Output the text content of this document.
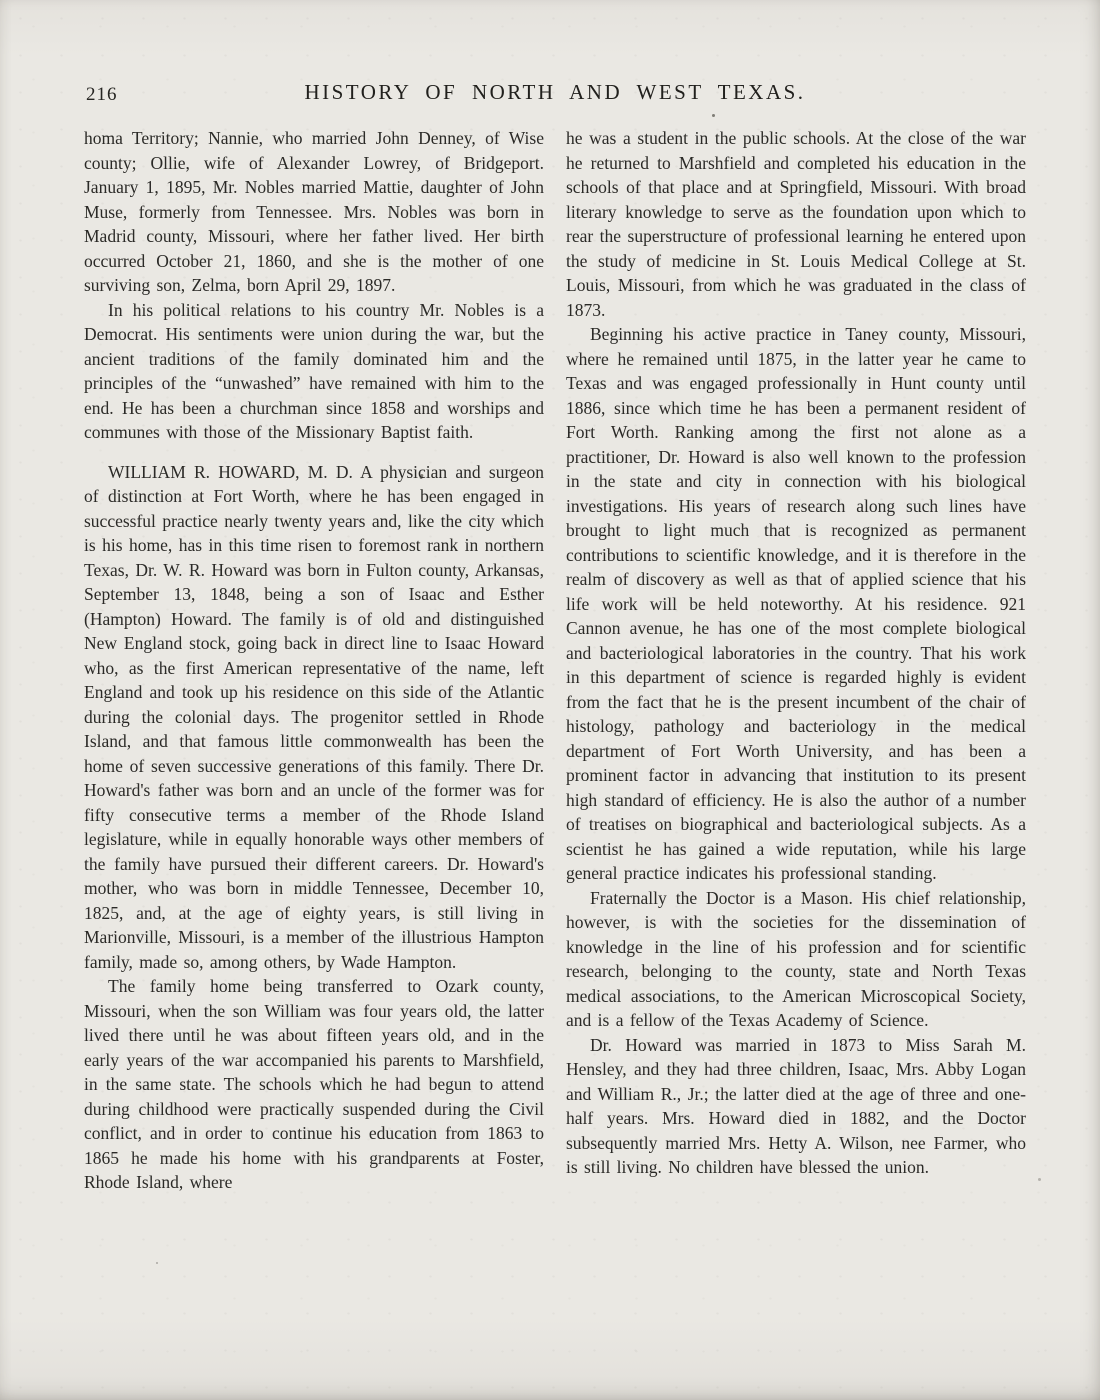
216	HISTORY OF NORTH AND WEST TEXAS.

homa Territory; Nannie, who married John Denney, of Wise county; Ollie, wife of Alexander Lowrey, of Bridgeport. January 1, 1895, Mr. Nobles married Mattie, daughter of John Muse, formerly from Tennessee. Mrs. Nobles was born in Madrid county, Missouri, where her father lived. Her birth occurred October 21, 1860, and she is the mother of one surviving son, Zelma, born April 29, 1897.

In his political relations to his country Mr. Nobles is a Democrat. His sentiments were union during the war, but the ancient traditions of the family dominated him and the principles of the “unwashed” have remained with him to the end. He has been a churchman since 1858 and worships and communes with those of the Missionary Baptist faith.

WILLIAM R. HOWARD, M. D. A physician and surgeon of distinction at Fort Worth, where he has been engaged in successful practice nearly twenty years and, like the city which is his home, has in this time risen to foremost rank in northern Texas, Dr. W. R. Howard was born in Fulton county, Arkansas, September 13, 1848, being a son of Isaac and Esther (Hampton) Howard. The family is of old and distinguished New England stock, going back in direct line to Isaac Howard who, as the first American representative of the name, left England and took up his residence on this side of the Atlantic during the colonial days. The progenitor settled in Rhode Island, and that famous little commonwealth has been the home of seven successive generations of this family. There Dr. Howard's father was born and an uncle of the former was for fifty consecutive terms a member of the Rhode Island legislature, while in equally honorable ways other members of the family have pursued their different careers. Dr. Howard's mother, who was born in middle Tennessee, December 10, 1825, and, at the age of eighty years, is still living in Marionville, Missouri, is a member of the illustrious Hampton family, made so, among others, by Wade Hampton.

The family home being transferred to Ozark county, Missouri, when the son William was four years old, the latter lived there until he was about fifteen years old, and in the early years of the war accompanied his parents to Marshfield, in the same state. The schools which he had begun to attend during childhood were practically suspended during the Civil conflict, and in order to continue his education from 1863 to 1865 he made his home with his grandparents at Foster, Rhode Island, where

he was a student in the public schools. At the close of the war he returned to Marshfield and completed his education in the schools of that place and at Springfield, Missouri. With broad literary knowledge to serve as the foundation upon which to rear the superstructure of professional learning he entered upon the study of medicine in St. Louis Medical College at St. Louis, Missouri, from which he was graduated in the class of 1873.

Beginning his active practice in Taney county, Missouri, where he remained until 1875, in the latter year he came to Texas and was engaged professionally in Hunt county until 1886, since which time he has been a permanent resident of Fort Worth. Ranking among the first not alone as a practitioner, Dr. Howard is also well known to the profession in the state and city in connection with his biological investigations. His years of research along such lines have brought to light much that is recognized as permanent contributions to scientific knowledge, and it is therefore in the realm of discovery as well as that of applied science that his life work will be held noteworthy. At his residence. 921 Cannon avenue, he has one of the most complete biological and bacteriological laboratories in the country. That his work in this department of science is regarded highly is evident from the fact that he is the present incumbent of the chair of histology, pathology and bacteriology in the medical department of Fort Worth University, and has been a prominent factor in advancing that institution to its present high standard of efficiency. He is also the author of a number of treatises on biographical and bacteriological subjects. As a scientist he has gained a wide reputation, while his large general practice indicates his professional standing.

Fraternally the Doctor is a Mason. His chief relationship, however, is with the societies for the dissemination of knowledge in the line of his profession and for scientific research, belonging to the county, state and North Texas medical associations, to the American Microscopical Society, and is a fellow of the Texas Academy of Science.

Dr. Howard was married in 1873 to Miss Sarah M. Hensley, and they had three children, Isaac, Mrs. Abby Logan and William R., Jr.; the latter died at the age of three and one-half years. Mrs. Howard died in 1882, and the Doctor subsequently married Mrs. Hetty A. Wilson, nee Farmer, who is still living. No children have blessed the union.
